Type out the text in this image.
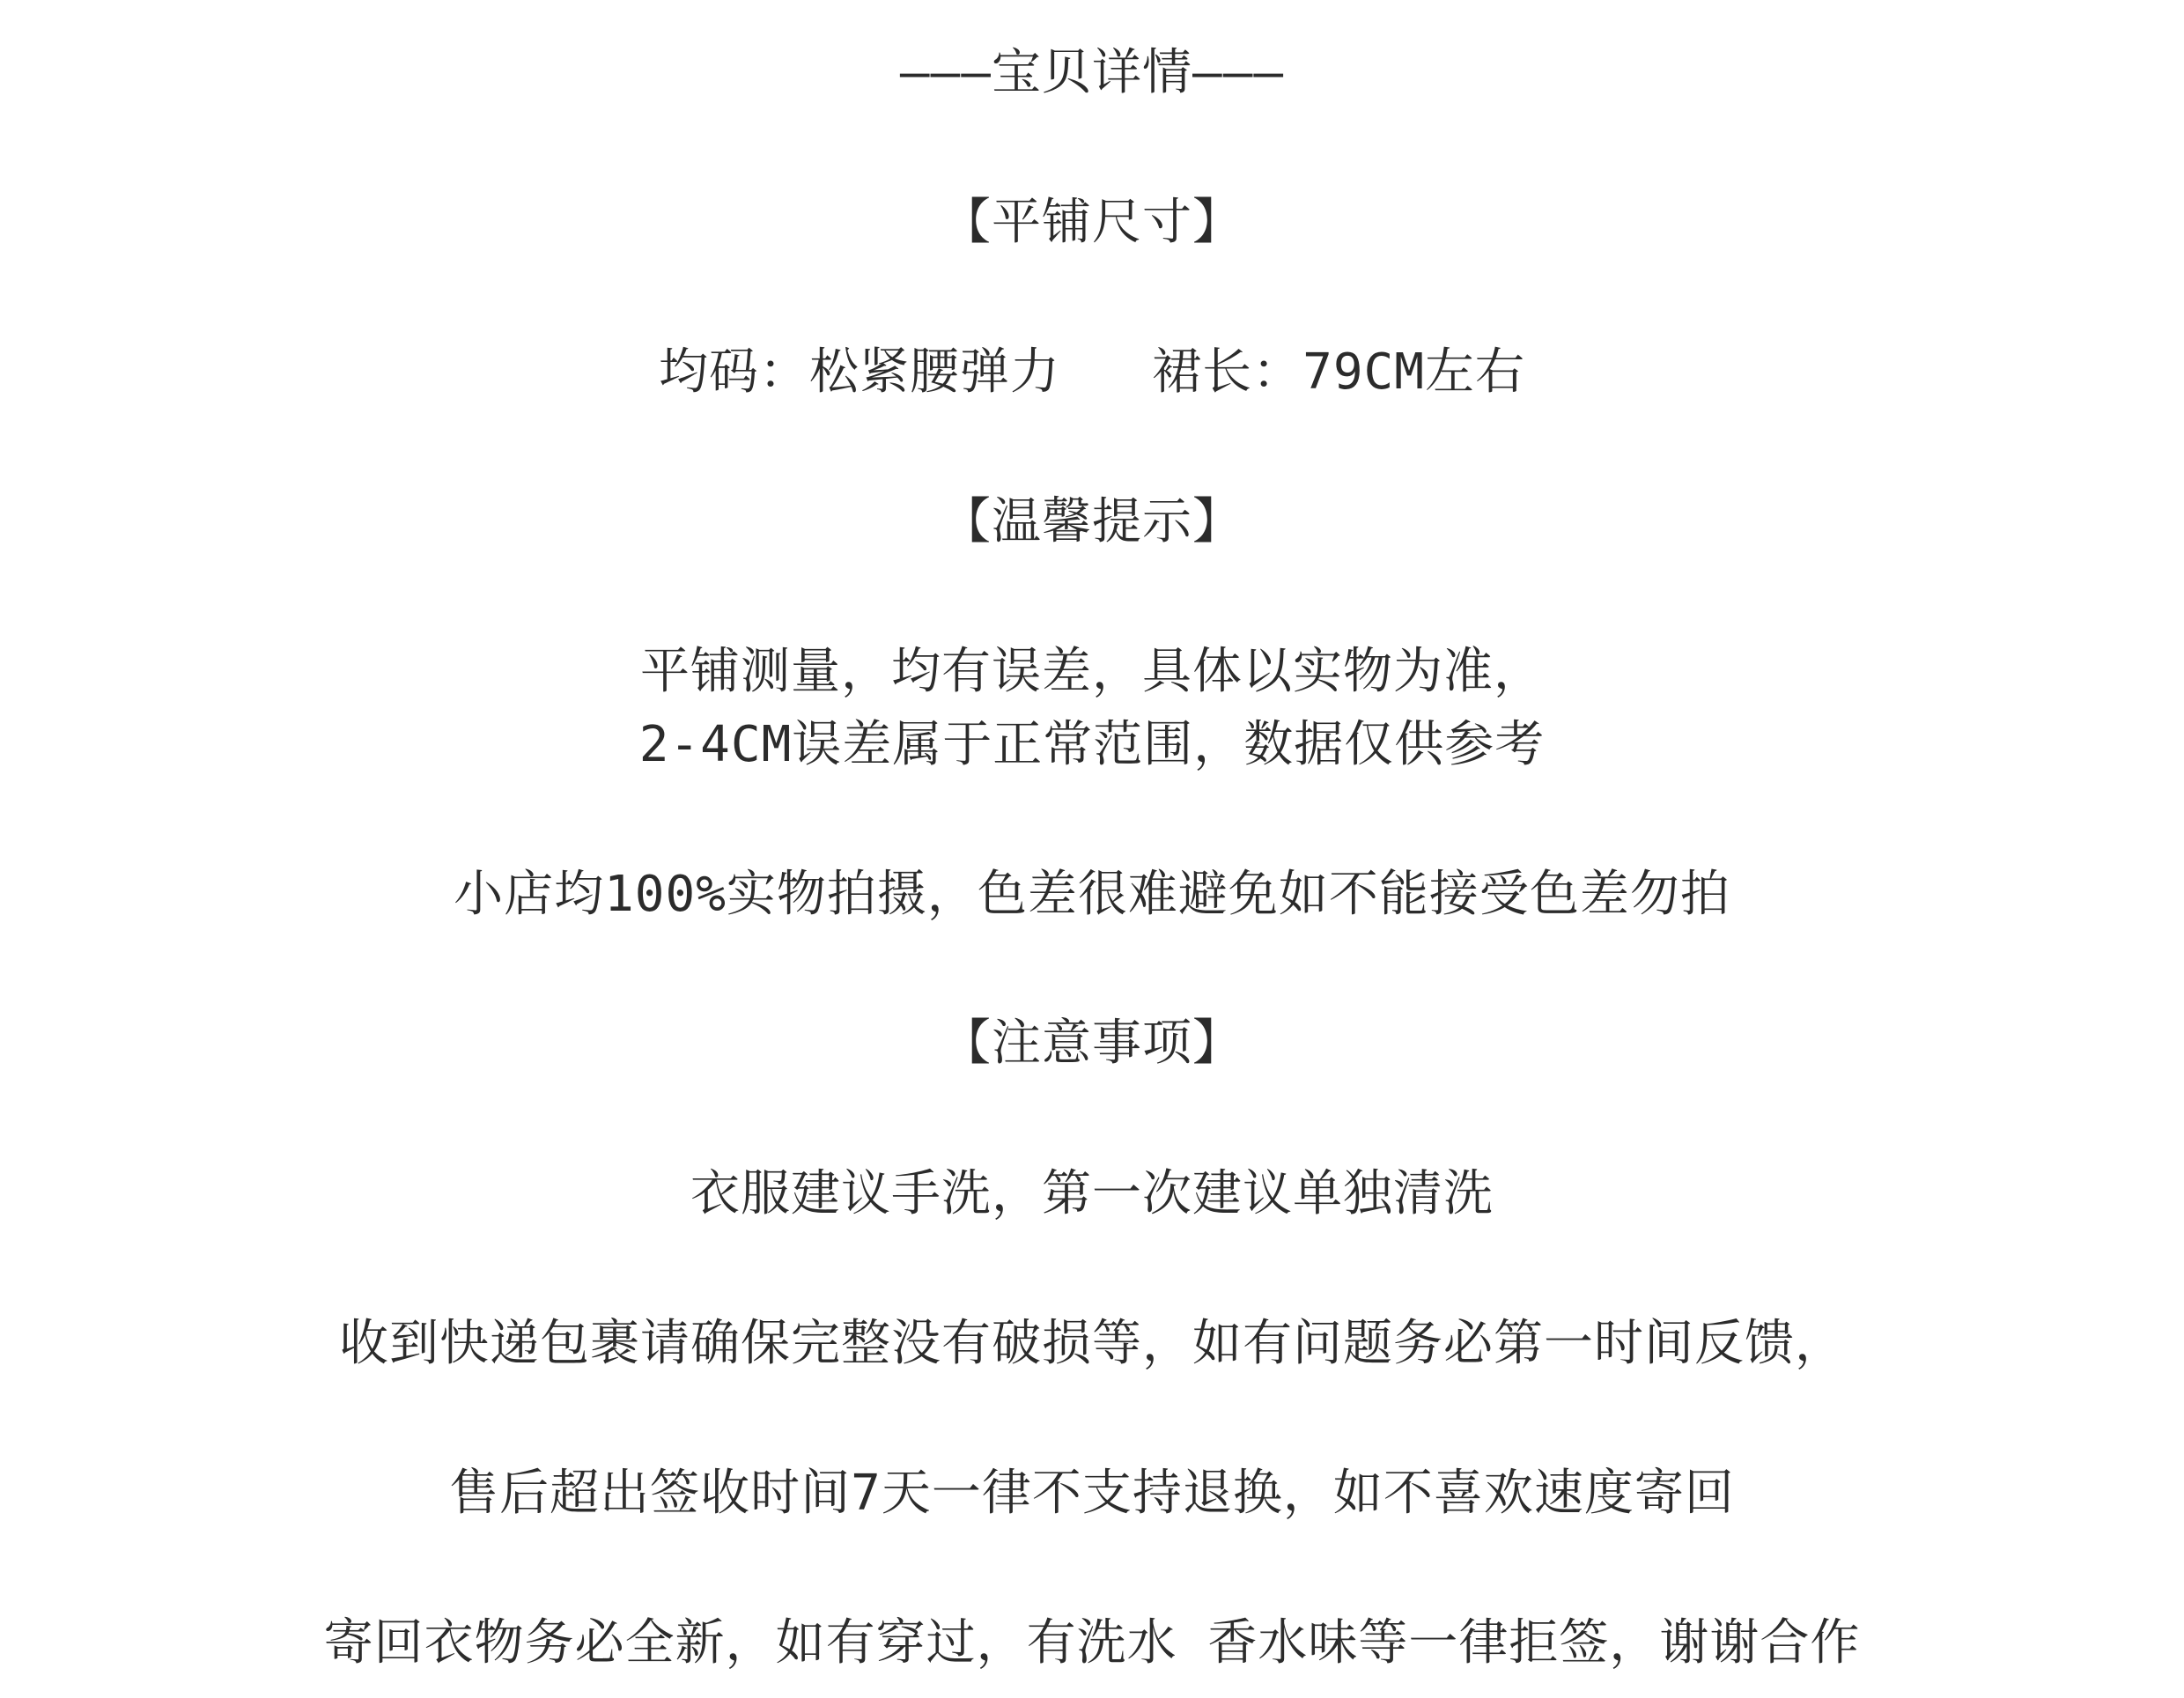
———宝贝详情———
【平铺尺寸】
均码：松紧腰弹力   裙长：79CM左右
【温馨提示】
平铺测量，均有误差，具体以实物为准，
2-4CM误差属于正常范围，数据仅供参考
小店均100%实物拍摄，色差很难避免如不能接受色差勿拍
【注意事项】
衣服建议手洗，第一次建议单独清洗
收到快递包裹请确保完整没有破损等，如有问题务必第一时间反馈，
售后超出签收时间7天一律不支持退换，如不喜欢速度寄回
寄回衣物务必全新，如有穿过，有洗水 香水味等一律拒签，谢谢合作
